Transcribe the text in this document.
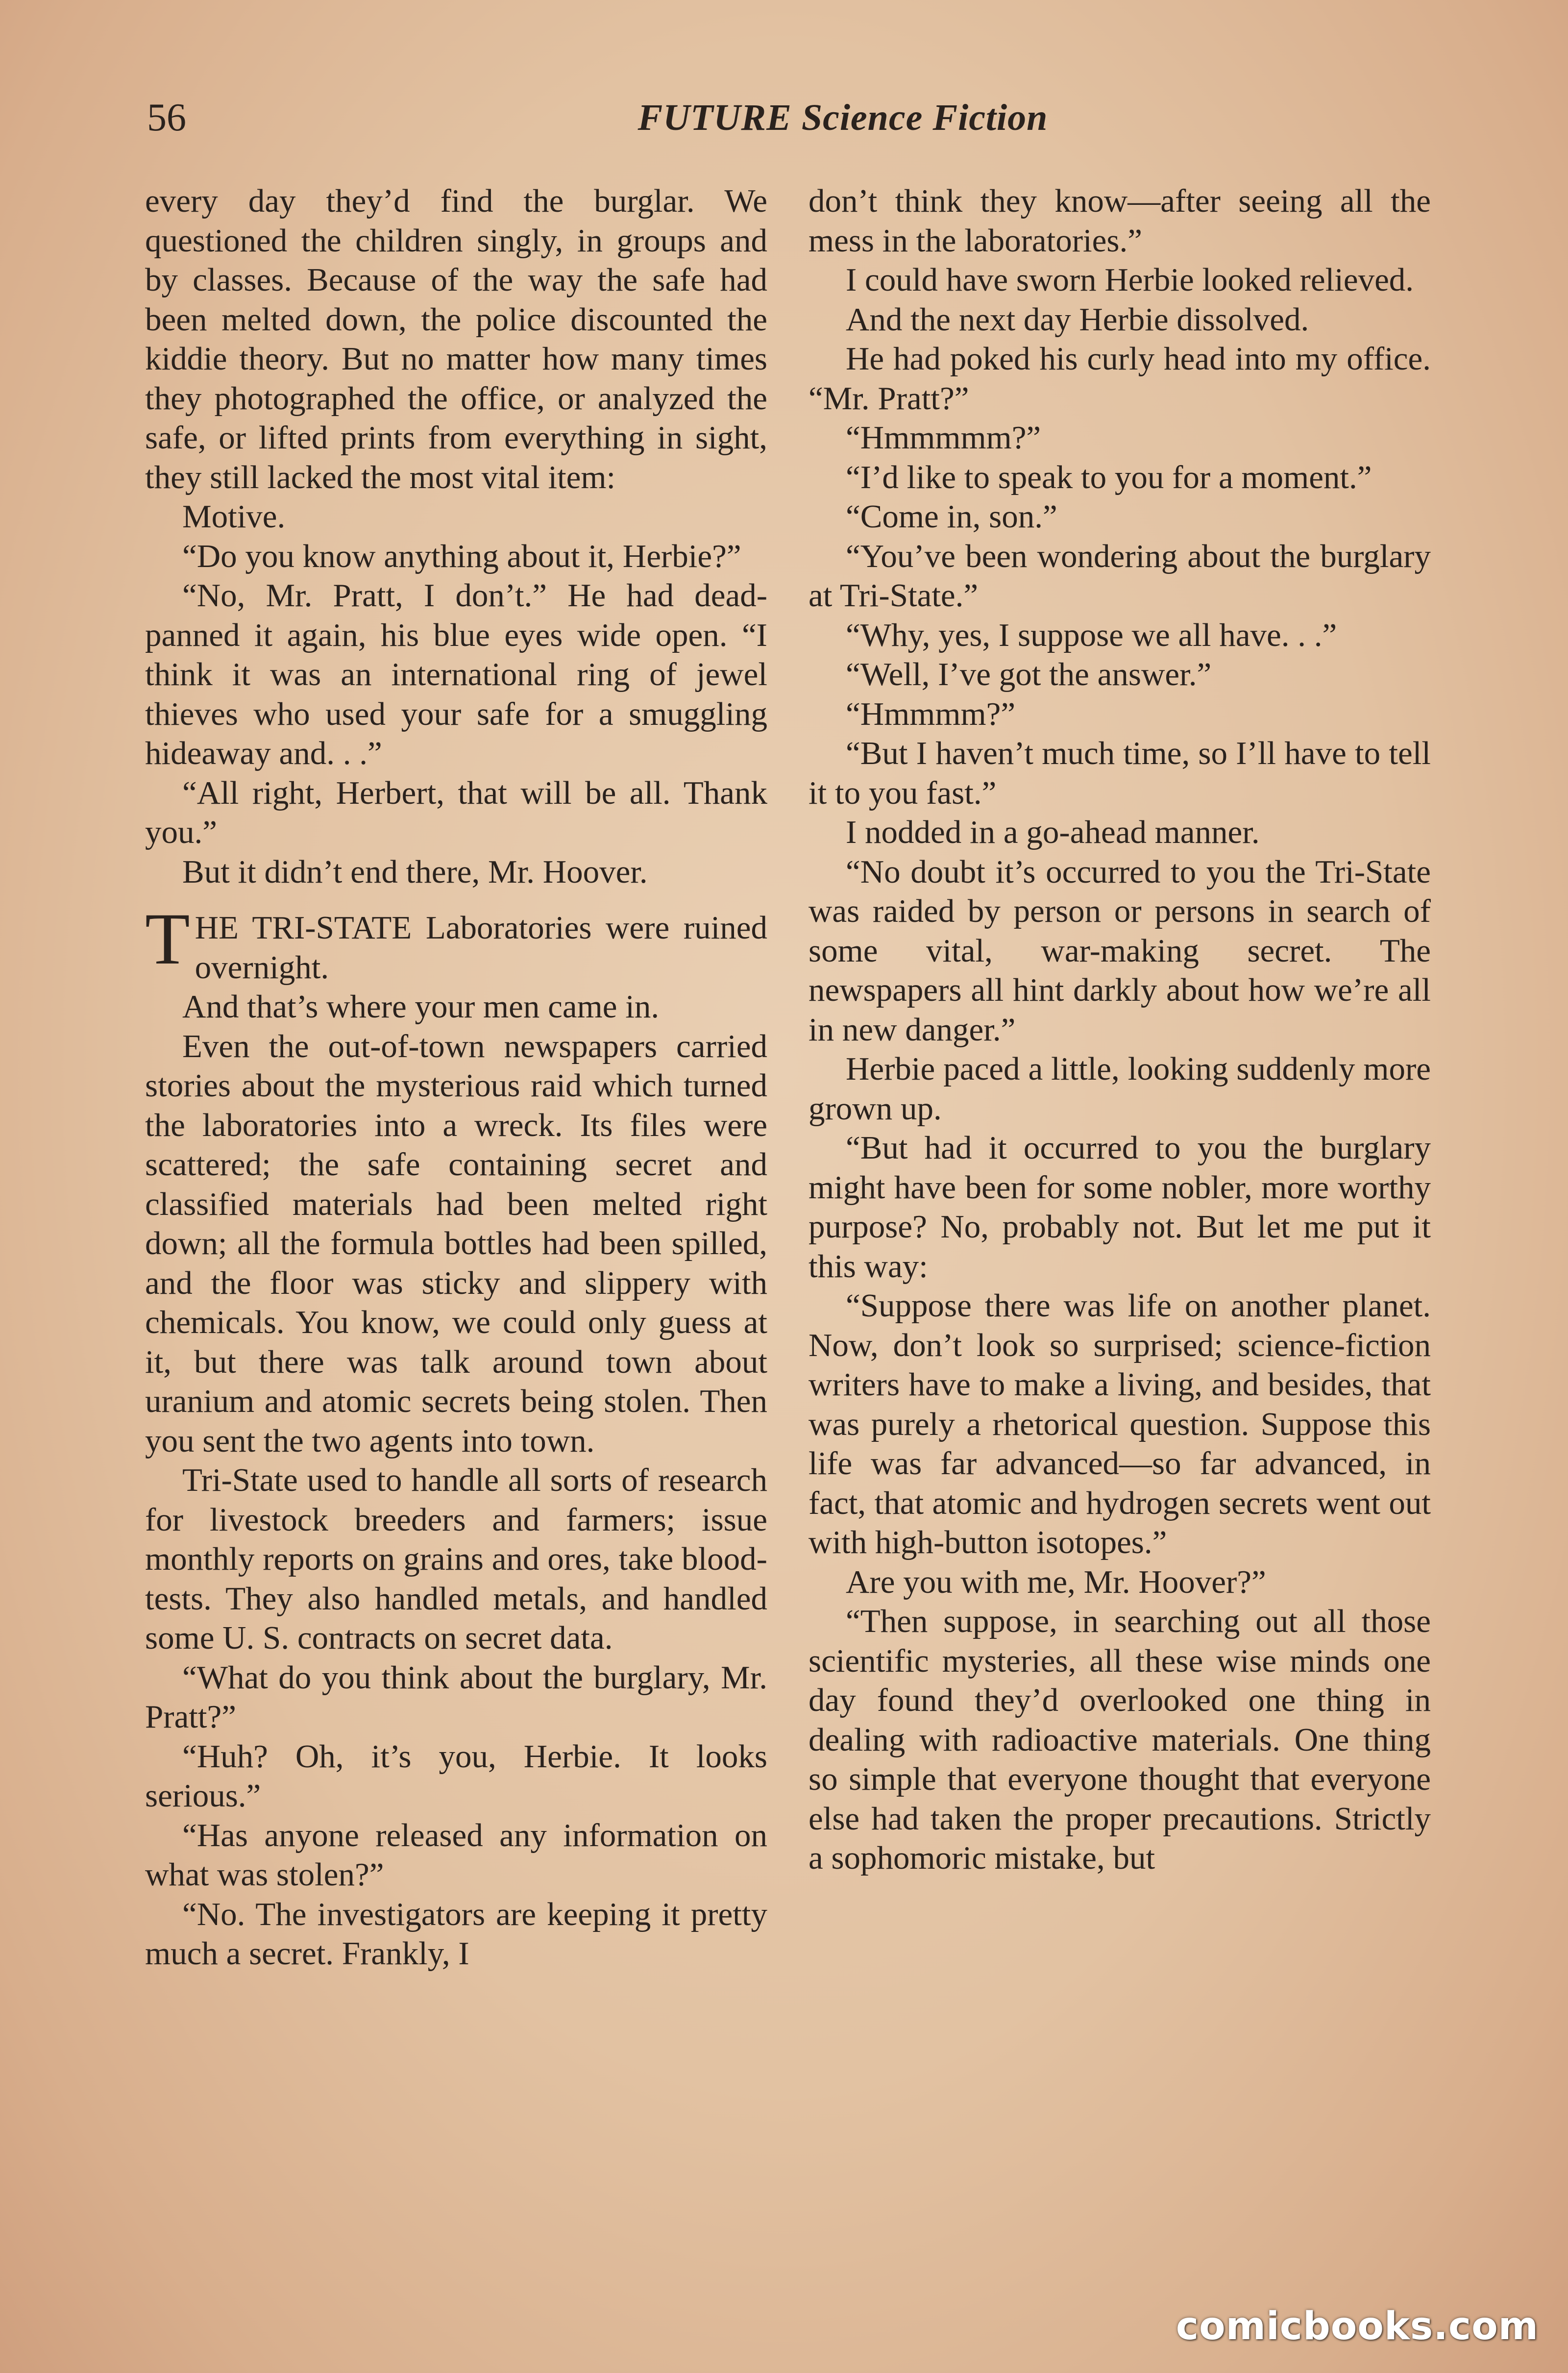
56	FUTURE Science Fiction

every day they’d find the burglar. We questioned the children singly, in groups and by classes. Because of the way the safe had been melted down, the police discounted the kiddie theory. But no matter how many times they photographed the office, or analyzed the safe, or lifted prints from everything in sight, they still lacked the most vital item:

Motive.

“Do you know anything about it, Herbie?”

“No, Mr. Pratt, I don’t.” He had dead-panned it again, his blue eyes wide open. “I think it was an international ring of jewel thieves who used your safe for a smuggling hideaway and. . .”

“All right, Herbert, that will be all. Thank you.”

But it didn’t end there, Mr. Hoover.

THE TRI-STATE Laboratories were ruined overnight.

And that’s where your men came in.

Even the out-of-town newspapers carried stories about the mysterious raid which turned the laboratories into a wreck. Its files were scattered; the safe containing secret and classified materials had been melted right down; all the formula bottles had been spilled, and the floor was sticky and slippery with chemicals. You know, we could only guess at it, but there was talk around town about uranium and atomic secrets being stolen. Then you sent the two agents into town.

Tri-State used to handle all sorts of research for livestock breeders and farmers; issue monthly reports on grains and ores, take blood-tests. They also handled metals, and handled some U. S. contracts on secret data.

“What do you think about the burglary, Mr. Pratt?”

“Huh? Oh, it’s you, Herbie. It looks serious.”

“Has anyone released any information on what was stolen?”

“No. The investigators are keeping it pretty much a secret. Frankly, I

don’t think they know—after seeing all the mess in the laboratories.”

I could have sworn Herbie looked relieved.

And the next day Herbie dissolved.

He had poked his curly head into my office. “Mr. Pratt?”

“Hmmmmm?”

“I’d like to speak to you for a moment.”

“Come in, son.”

“You’ve been wondering about the burglary at Tri-State.”

“Why, yes, I suppose we all have. . .”

“Well, I’ve got the answer.”

“Hmmmm?”

“But I haven’t much time, so I’ll have to tell it to you fast.”

I nodded in a go-ahead manner.

“No doubt it’s occurred to you the Tri-State was raided by person or persons in search of some vital, war-making secret. The newspapers all hint darkly about how we’re all in new danger.”

Herbie paced a little, looking suddenly more grown up.

“But had it occurred to you the burglary might have been for some nobler, more worthy purpose? No, probably not. But let me put it this way:

“Suppose there was life on another planet. Now, don’t look so surprised; science-fiction writers have to make a living, and besides, that was purely a rhetorical question. Suppose this life was far advanced—so far advanced, in fact, that atomic and hydrogen secrets went out with high-button isotopes.”

Are you with me, Mr. Hoover?”

“Then suppose, in searching out all those scientific mysteries, all these wise minds one day found they’d overlooked one thing in dealing with radioactive materials. One thing so simple that everyone thought that everyone else had taken the proper precautions. Strictly a sophomoric mistake, but

comicbooks.com
